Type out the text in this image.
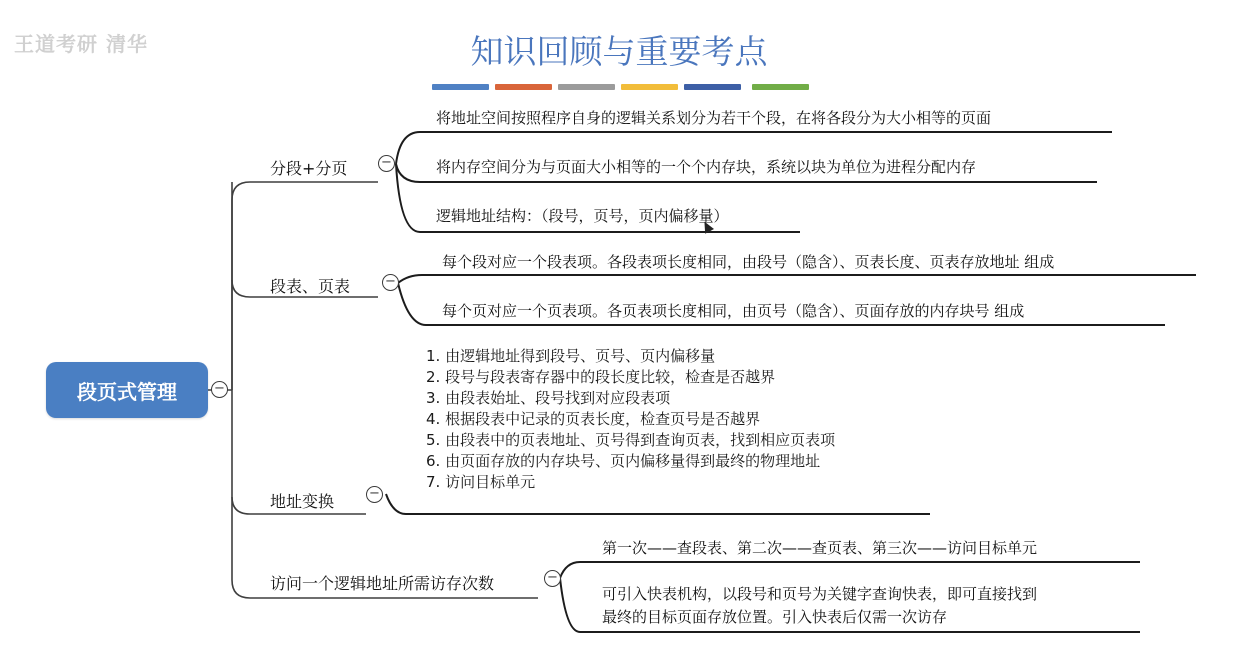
王道考研 清华	知识回顾与重要考点
段页式管理	−
分段+分页	−
将地址空间按照程序自身的逻辑关系划分为若干个段，在将各段分为大小相等的页面
将内存空间分为与页面大小相等的一个个内存块，系统以块为单位为进程分配内存
逻辑地址结构：（段号，页号，页内偏移量）
段表、页表	−
每个段对应一个段表项。各段表项长度相同，由段号（隐含）、页表长度、页表存放地址 组成
每个页对应一个页表项。各页表项长度相同，由页号（隐含）、页面存放的内存块号 组成
地址变换	−
1. 由逻辑地址得到段号、页号、页内偏移量
2. 段号与段表寄存器中的段长度比较，检查是否越界
3. 由段表始址、段号找到对应段表项
4. 根据段表中记录的页表长度，检查页号是否越界
5. 由段表中的页表地址、页号得到查询页表，找到相应页表项
6. 由页面存放的内存块号、页内偏移量得到最终的物理地址
7. 访问目标单元
访问一个逻辑地址所需访存次数	−
第一次——查段表、第二次——查页表、第三次——访问目标单元
可引入快表机构，以段号和页号为关键字查询快表，即可直接找到
最终的目标页面存放位置。引入快表后仅需一次访存
